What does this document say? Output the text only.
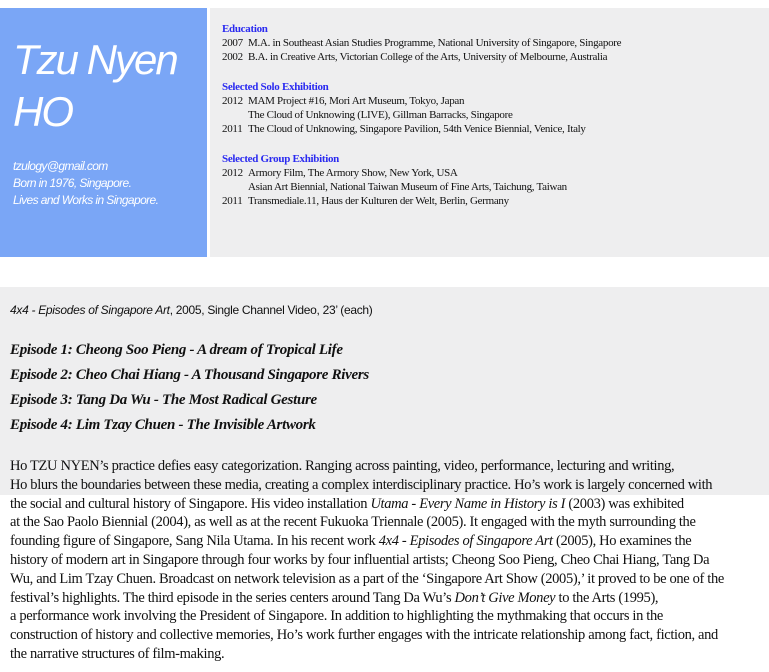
Tzu Nyen
HO
tzulogy@gmail.com
Born in 1976, Singapore.
Lives and Works in Singapore.
Education
2007 M.A. in Southeast Asian Studies Programme, National University of Singapore, Singapore
2002 B.A. in Creative Arts, Victorian College of the Arts, University of Melbourne, Australia
Selected Solo Exhibition
2012 MAM Project #16, Mori Art Museum, Tokyo, Japan
The Cloud of Unknowing (LIVE), Gillman Barracks, Singapore
2011 The Cloud of Unknowing, Singapore Pavilion, 54th Venice Biennial, Venice, Italy
Selected Group Exhibition
2012 Armory Film, The Armory Show, New York, USA
Asian Art Biennial, National Taiwan Museum of Fine Arts, Taichung, Taiwan
2011 Transmediale.11, Haus der Kulturen der Welt, Berlin, Germany
4x4 - Episodes of Singapore Art, 2005, Single Channel Video, 23’ (each)
Episode 1: Cheong Soo Pieng - A dream of Tropical Life
Episode 2: Cheo Chai Hiang - A Thousand Singapore Rivers
Episode 3: Tang Da Wu - The Most Radical Gesture
Episode 4: Lim Tzay Chuen - The Invisible Artwork

Ho TZU NYEN’s practice defies easy categorization. Ranging across painting, video, performance, lecturing and writing,
Ho blurs the boundaries between these media, creating a complex interdisciplinary practice. Ho’s work is largely concerned with
the social and cultural history of Singapore. His video installation Utama - Every Name in History is I (2003) was exhibited
at the Sao Paolo Biennial (2004), as well as at the recent Fukuoka Triennale (2005). It engaged with the myth surrounding the
founding figure of Singapore, Sang Nila Utama. In his recent work 4x4 - Episodes of Singapore Art (2005), Ho examines the
history of modern art in Singapore through four works by four influential artists; Cheong Soo Pieng, Cheo Chai Hiang, Tang Da
Wu, and Lim Tzay Chuen. Broadcast on network television as a part of the ‘Singapore Art Show (2005),’ it proved to be one of the
festival’s highlights. The third episode in the series centers around Tang Da Wu’s Don’t Give Money to the Arts (1995),
a performance work involving the President of Singapore. In addition to highlighting the mythmaking that occurs in the
construction of history and collective memories, Ho’s work further engages with the intricate relationship among fact, fiction, and
the narrative structures of film-making.
